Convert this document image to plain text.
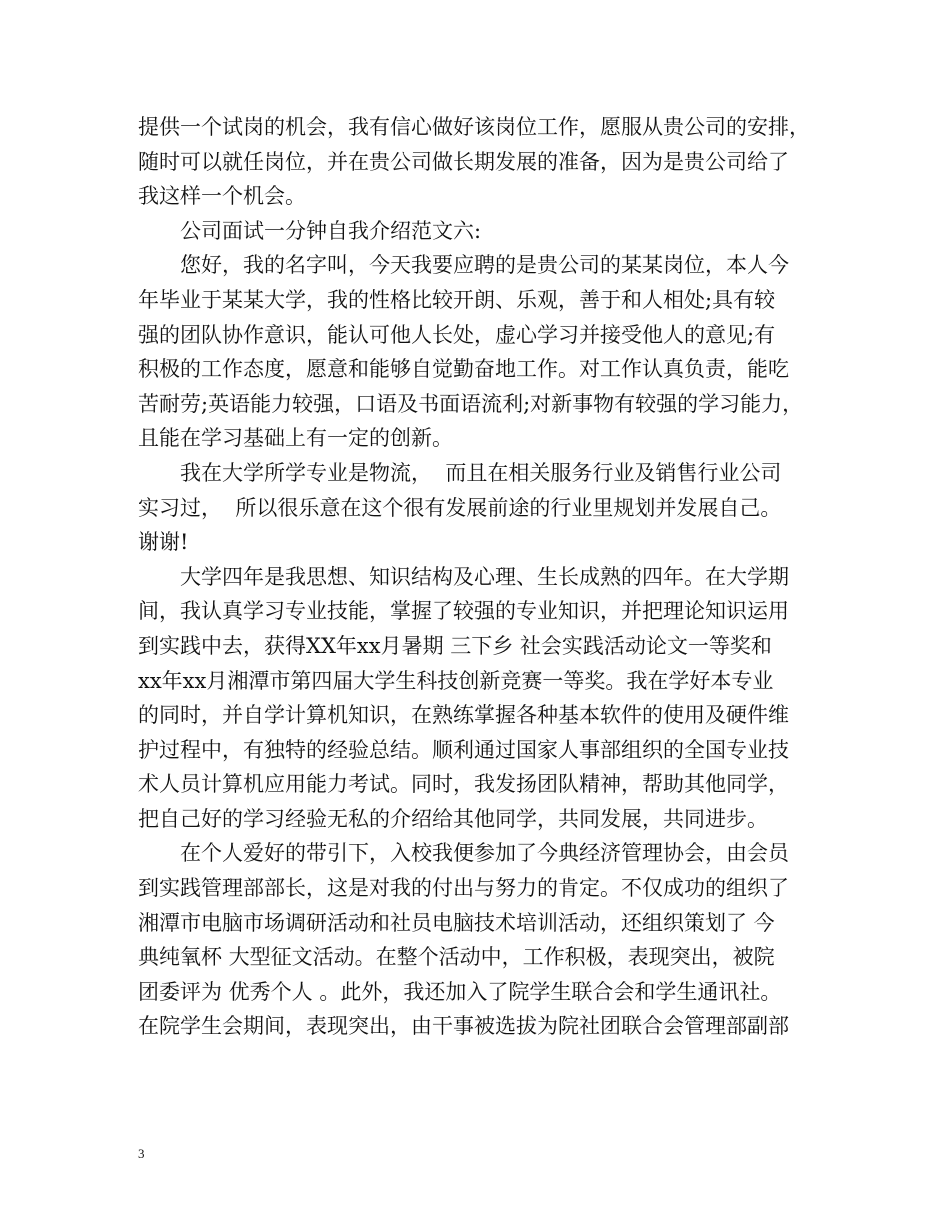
提供一个试岗的机会，我有信心做好该岗位工作，愿服从贵公司的安排，
随时可以就任岗位，并在贵公司做长期发展的准备，因为是贵公司给了
我这样一个机会。
公司面试一分钟自我介绍范文六:
您好，我的名字叫，今天我要应聘的是贵公司的某某岗位，本人今
年毕业于某某大学，我的性格比较开朗、乐观，善于和人相处;具有较
强的团队协作意识，能认可他人长处，虚心学习并接受他人的意见;有
积极的工作态度，愿意和能够自觉勤奋地工作。对工作认真负责，能吃
苦耐劳;英语能力较强，口语及书面语流利;对新事物有较强的学习能力，
且能在学习基础上有一定的创新。
我在大学所学专业是物流，  而且在相关服务行业及销售行业公司
实习过，  所以很乐意在这个很有发展前途的行业里规划并发展自己。
谢谢!
大学四年是我思想、知识结构及心理、生长成熟的四年。在大学期
间，我认真学习专业技能，掌握了较强的专业知识，并把理论知识运用
到实践中去，获得XX年xx月暑期 三下乡 社会实践活动论文一等奖和
xx年xx月湘潭市第四届大学生科技创新竞赛一等奖。我在学好本专业
的同时，并自学计算机知识，在熟练掌握各种基本软件的使用及硬件维
护过程中，有独特的经验总结。顺利通过国家人事部组织的全国专业技
术人员计算机应用能力考试。同时，我发扬团队精神，帮助其他同学，
把自己好的学习经验无私的介绍给其他同学，共同发展，共同进步。
在个人爱好的带引下，入校我便参加了今典经济管理协会，由会员
到实践管理部部长，这是对我的付出与努力的肯定。不仅成功的组织了
湘潭市电脑市场调研活动和社员电脑技术培训活动，还组织策划了 今
典纯氧杯 大型征文活动。在整个活动中，工作积极，表现突出，被院
团委评为 优秀个人 。此外，我还加入了院学生联合会和学生通讯社。
在院学生会期间，表现突出，由干事被选拔为院社团联合会管理部副部
3
